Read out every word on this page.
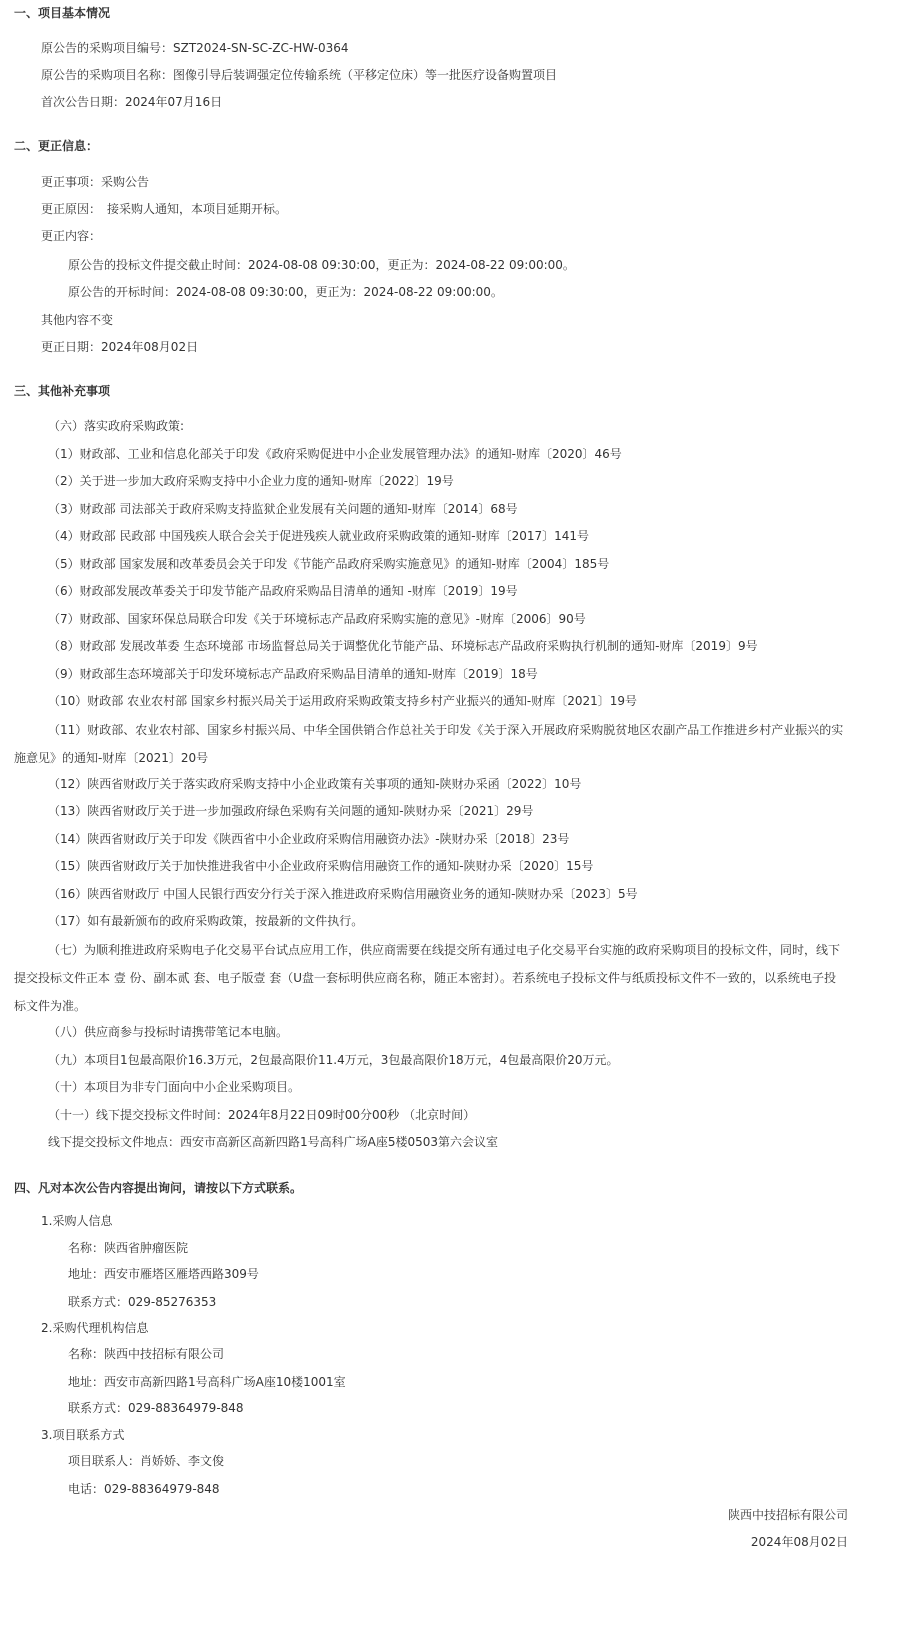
一、项目基本情况
原公告的采购项目编号：SZT2024-SN-SC-ZC-HW-0364
原公告的采购项目名称：图像引导后装调强定位传输系统（平移定位床）等一批医疗设备购置项目
首次公告日期：2024年07月16日
二、更正信息：
更正事项：采购公告
更正原因：　接采购人通知，本项目延期开标。
更正内容：
原公告的投标文件提交截止时间：2024-08-08 09:30:00，更正为：2024-08-22 09:00:00。
原公告的开标时间：2024-08-08 09:30:00，更正为：2024-08-22 09:00:00。
其他内容不变
更正日期：2024年08月02日
三、其他补充事项
（六）落实政府采购政策:
（1）财政部、工业和信息化部关于印发《政府采购促进中小企业发展管理办法》的通知-财库〔2020〕46号
（2）关于进一步加大政府采购支持中小企业力度的通知-财库〔2022〕19号
（3）财政部 司法部关于政府采购支持监狱企业发展有关问题的通知-财库〔2014〕68号
（4）财政部 民政部 中国残疾人联合会关于促进残疾人就业政府采购政策的通知-财库〔2017〕141号
（5）财政部 国家发展和改革委员会关于印发《节能产品政府采购实施意见》的通知-财库〔2004〕185号
（6）财政部发展改革委关于印发节能产品政府采购品目清单的通知 -财库〔2019〕19号
（7）财政部、国家环保总局联合印发《关于环境标志产品政府采购实施的意见》-财库〔2006〕90号
（8）财政部 发展改革委 生态环境部 市场监督总局关于调整优化节能产品、环境标志产品政府采购执行机制的通知-财库〔2019〕9号
（9）财政部生态环境部关于印发环境标志产品政府采购品目清单的通知-财库〔2019〕18号
（10）财政部 农业农村部 国家乡村振兴局关于运用政府采购政策支持乡村产业振兴的通知-财库〔2021〕19号
（11）财政部、农业农村部、国家乡村振兴局、中华全国供销合作总社关于印发《关于深入开展政府采购脱贫地区农副产品工作推进乡村产业振兴的实施意见》的通知-财库〔2021〕20号
（12）陕西省财政厅关于落实政府采购支持中小企业政策有关事项的通知-陕财办采函〔2022〕10号
（13）陕西省财政厅关于进一步加强政府绿色采购有关问题的通知-陕财办采〔2021〕29号
（14）陕西省财政厅关于印发《陕西省中小企业政府采购信用融资办法》-陕财办采〔2018〕23号
（15）陕西省财政厅关于加快推进我省中小企业政府采购信用融资工作的通知-陕财办采〔2020〕15号
（16）陕西省财政厅 中国人民银行西安分行关于深入推进政府采购信用融资业务的通知-陕财办采〔2023〕5号
（17）如有最新颁布的政府采购政策，按最新的文件执行。
（七）为顺利推进政府采购电子化交易平台试点应用工作，供应商需要在线提交所有通过电子化交易平台实施的政府采购项目的投标文件，同时，线下提交投标文件正本 壹 份、副本贰 套、电子版壹 套（U盘一套标明供应商名称，随正本密封）。若系统电子投标文件与纸质投标文件不一致的，以系统电子投标文件为准。
（八）供应商参与投标时请携带笔记本电脑。
（九）本项目1包最高限价16.3万元，2包最高限价11.4万元，3包最高限价18万元，4包最高限价20万元。
（十）本项目为非专门面向中小企业采购项目。
（十一）线下提交投标文件时间：2024年8月22日09时00分00秒 （北京时间）
线下提交投标文件地点：西安市高新区高新四路1号高科广场A座5楼0503第六会议室
四、凡对本次公告内容提出询问，请按以下方式联系。
1.采购人信息
名称：陕西省肿瘤医院
地址：西安市雁塔区雁塔西路309号
联系方式：029-85276353
2.采购代理机构信息
名称：陕西中技招标有限公司
地址：西安市高新四路1号高科广场A座10楼1001室
联系方式：029-88364979-848
3.项目联系方式
项目联系人：肖娇娇、李文俊
电话：029-88364979-848
陕西中技招标有限公司
2024年08月02日
